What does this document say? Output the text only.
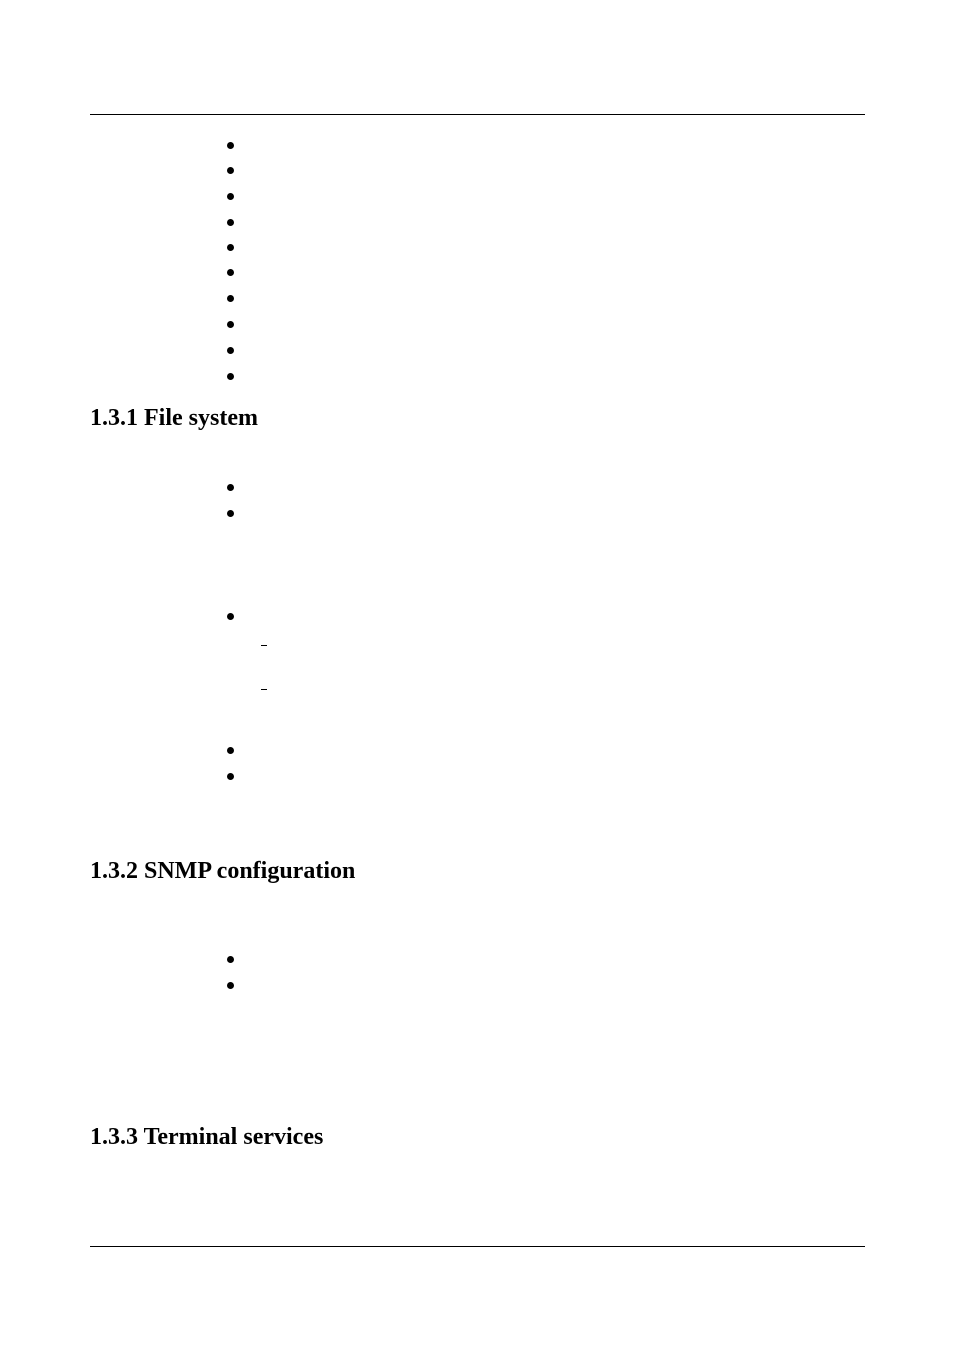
1.3.1 File system
1.3.2 SNMP configuration
1.3.3 Terminal services
